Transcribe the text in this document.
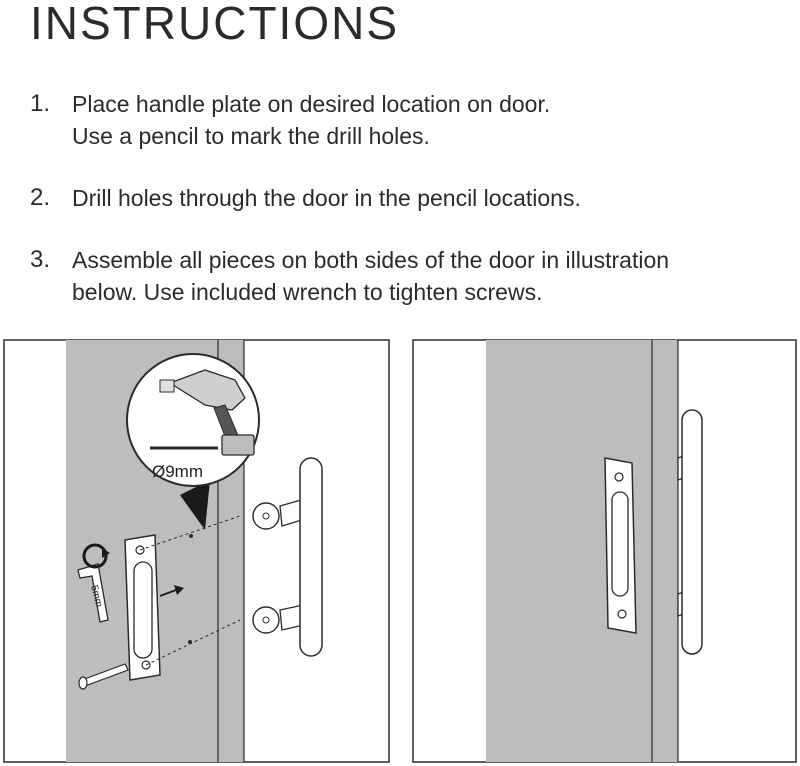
INSTRUCTIONS
1. Place handle plate on desired location on door.
Use a pencil to mark the drill holes.
2. Drill holes through the door in the pencil locations.
3. Assemble all pieces on both sides of the door in illustration
below. Use included wrench to tighten screws.
Ø9mm
5mm
